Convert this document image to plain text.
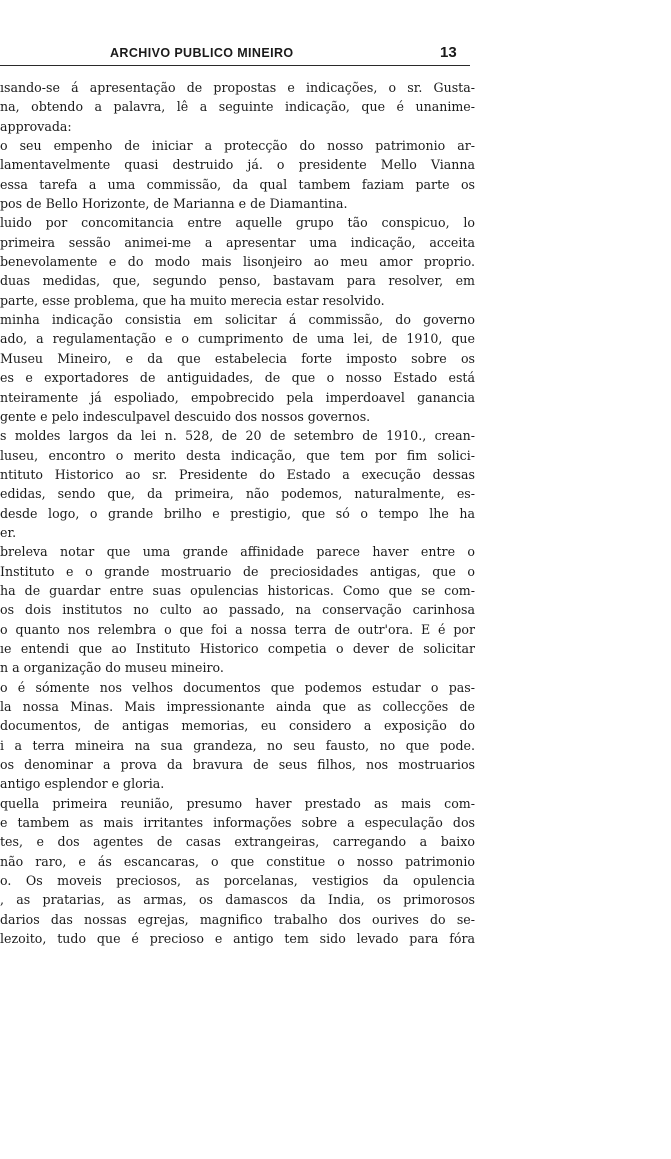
ARCHIVO PUBLICO MINEIRO	13
ısando-se á apresentação de propostas e indicações, o sr. Gusta-
na, obtendo a palavra, lê a seguinte indicação, que é unanime-
approvada:
o seu empenho de iniciar a protecção do nosso patrimonio ar-
lamentavelmente quasi destruido já. o presidente Mello Vianna
essa tarefa a uma commissão, da qual tambem faziam parte os
pos de Bello Horizonte, de Marianna e de Diamantina.
luido por concomitancia entre aquelle grupo tão conspicuo, lo
primeira sessão animei-me a apresentar uma indicação, acceita
benevolamente e do modo mais lisonjeiro ao meu amor proprio.
duas medidas, que, segundo penso, bastavam para resolver, em
parte, esse problema, que ha muito merecia estar resolvido.
minha indicação consistia em solicitar á commissão, do governo
ado, a regulamentação e o cumprimento de uma lei, de 1910, que
Museu Mineiro, e da que estabelecia forte imposto sobre os
es e exportadores de antiguidades, de que o nosso Estado está
nteiramente já espoliado, empobrecido pela imperdoavel ganancia
gente e pelo indesculpavel descuido dos nossos governos.
s moldes largos da lei n. 528, de 20 de setembro de 1910., crean-
luseu, encontro o merito desta indicação, que tem por fim solici-
ntituto Historico ao sr. Presidente do Estado a execução dessas
edidas, sendo que, da primeira, não podemos, naturalmente, es-
desde logo, o grande brilho e prestigio, que só o tempo lhe ha
er.
breleva notar que uma grande affinidade parece haver entre o
Instituto e o grande mostruario de preciosidades antigas, que o
ha de guardar entre suas opulencias historicas. Como que se com-
os dois institutos no culto ao passado, na conservação carinhosa
o quanto nos relembra o que foi a nossa terra de outr'ora. E é por
ıe entendi que ao Instituto Historico competia o dever de solicitar
n a organização do museu mineiro.
o é sómente nos velhos documentos que podemos estudar o pas-
la nossa Minas. Mais impressionante ainda que as collecções de
documentos, de antigas memorias, eu considero a exposição do
i a terra mineira na sua grandeza, no seu fausto, no que pode.
os denominar a prova da bravura de seus filhos, nos mostruarios
antigo esplendor e gloria.
quella primeira reunião, presumo haver prestado as mais com-
e tambem as mais irritantes informações sobre a especulação dos
tes, e dos agentes de casas extrangeiras, carregando a baixo
não raro, e ás escancaras, o que constitue o nosso patrimonio
o. Os moveis preciosos, as porcelanas, vestigios da opulencia
, as pratarias, as armas, os damascos da India, os primorosos
darios das nossas egrejas, magnifico trabalho dos ourives do se-
lezoito, tudo que é precioso e antigo tem sido levado para fóra
